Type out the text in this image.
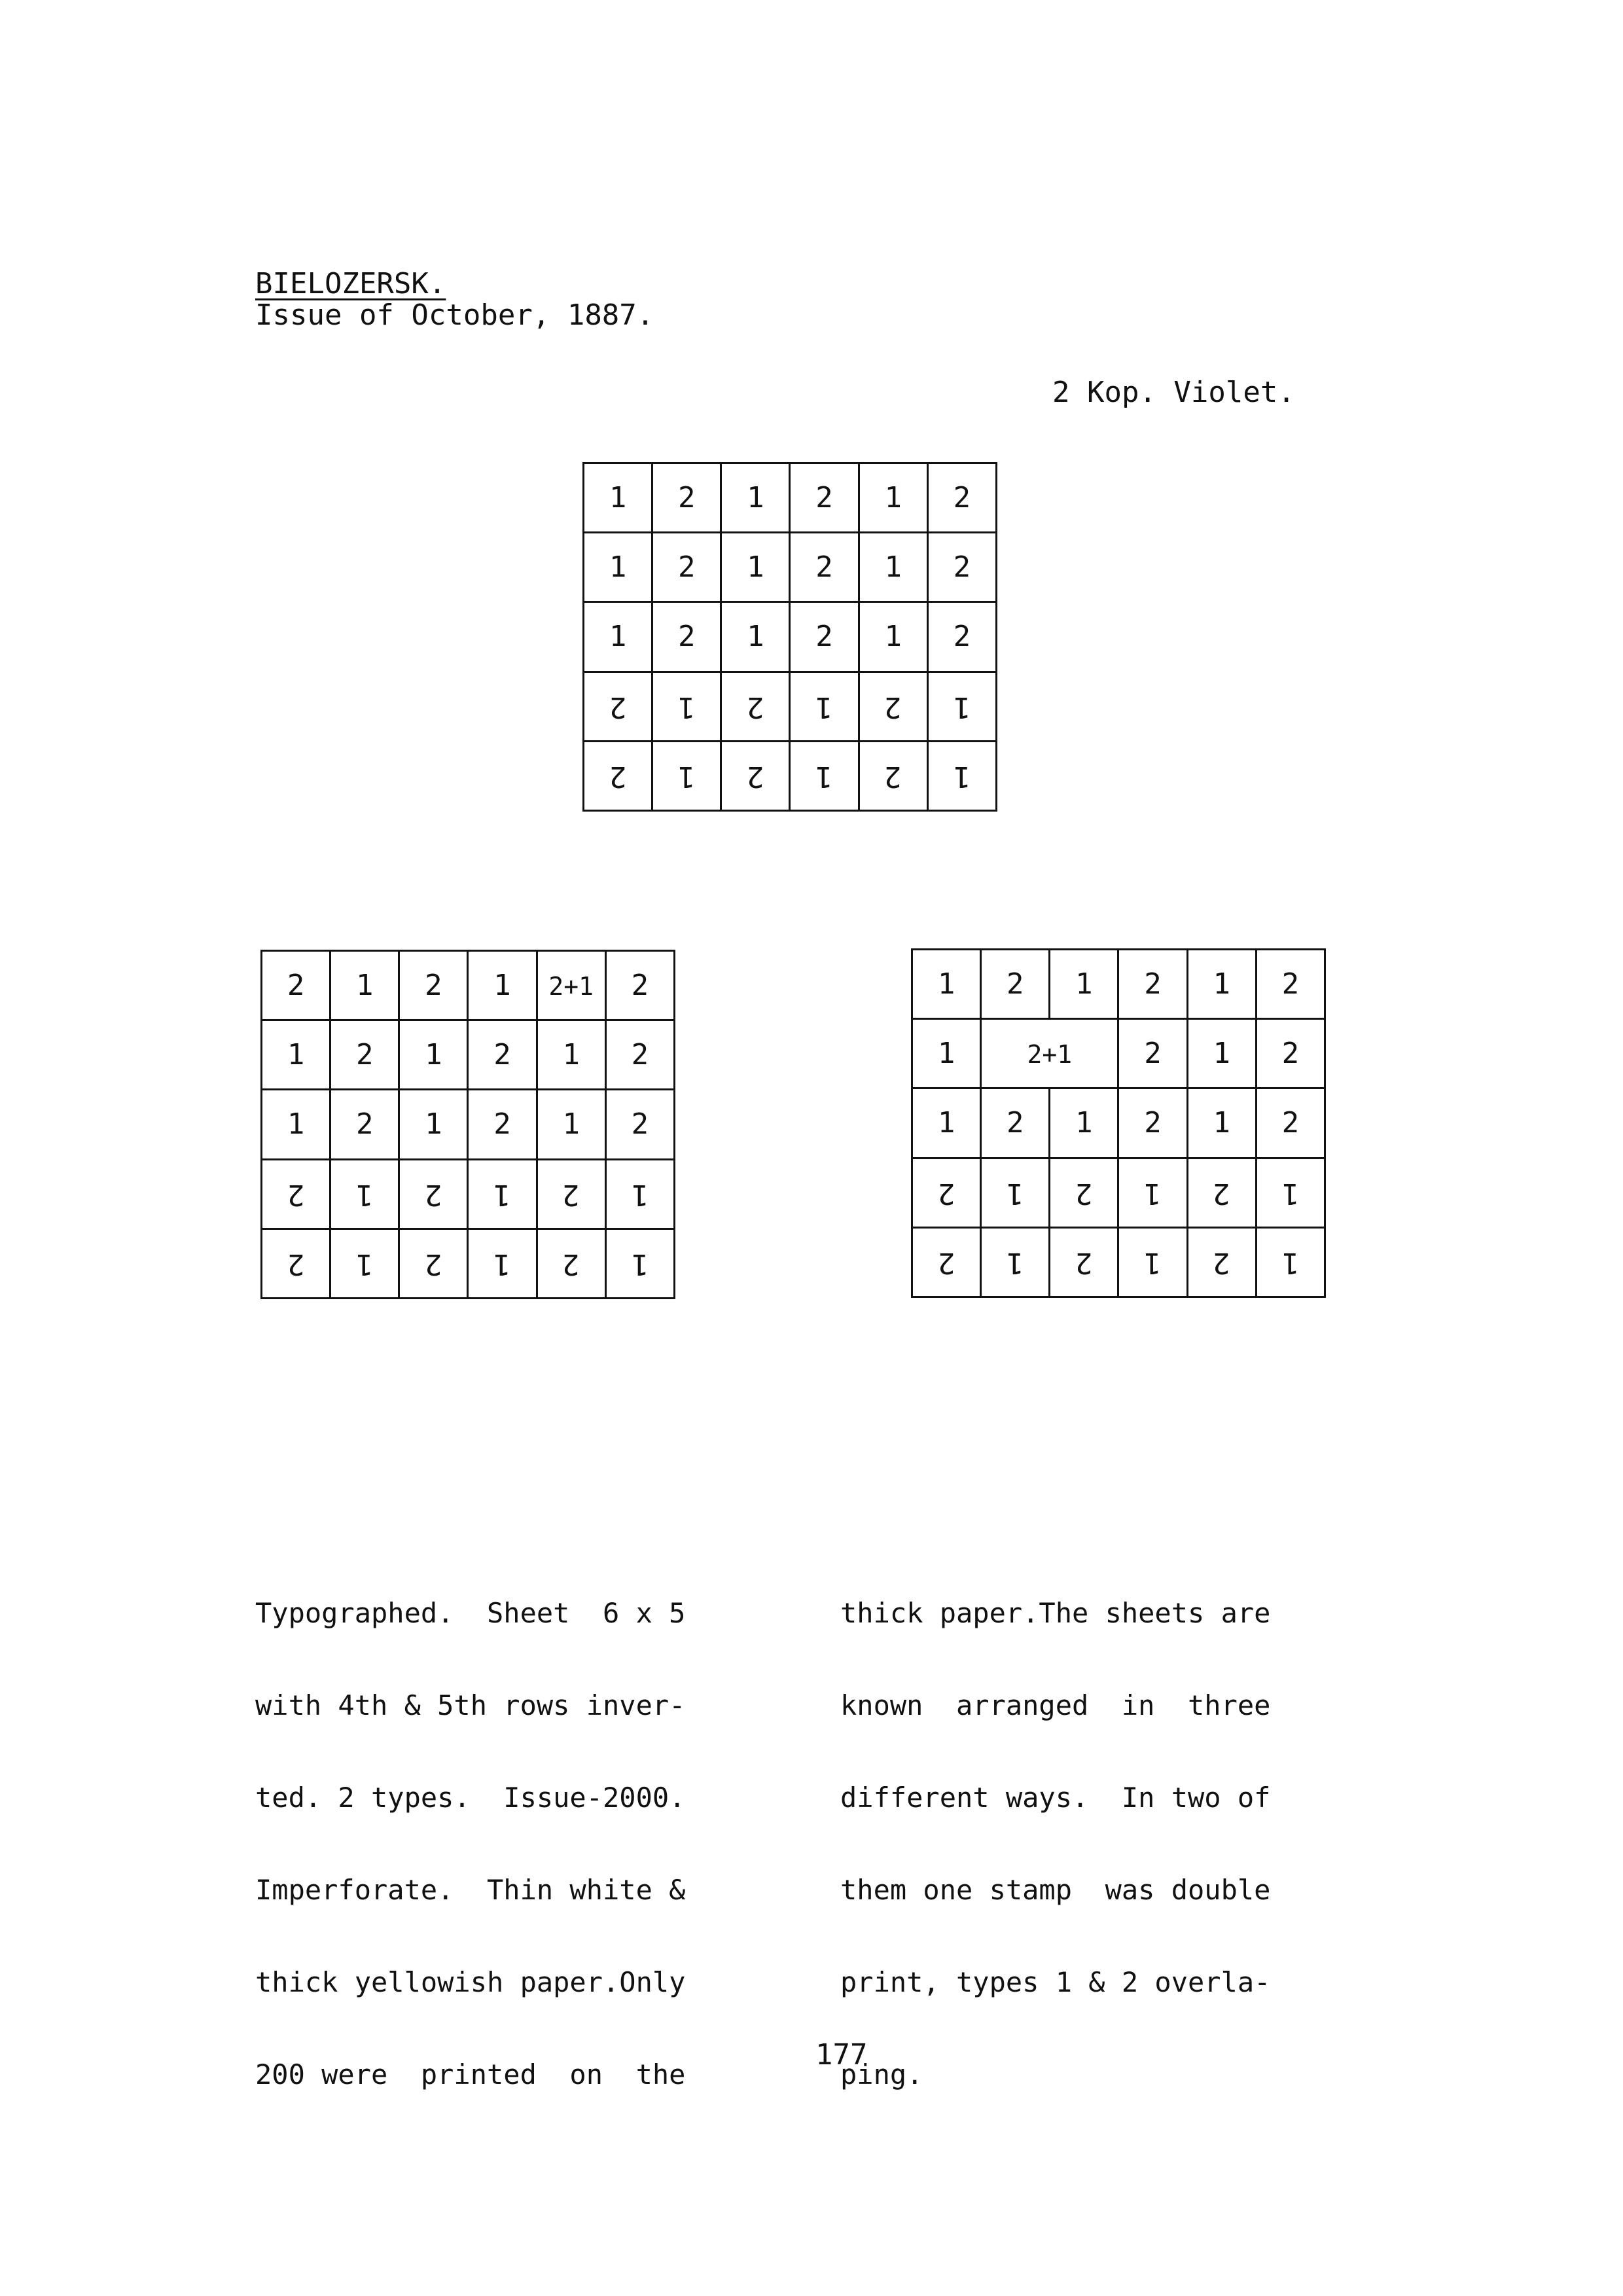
BIELOZERSK.
Issue of October, 1887.
2 Kop. Violet.
1	2	1	2	1	2
1	2	1	2	1	2
1	2	1	2	1	2
2	1	2	1	2	1
2	1	2	1	2	1
2	1	2	1	2+1	2
1	2	1	2	1	2
1	2	1	2	1	2
2	1	2	1	2	1
2	1	2	1	2	1
1	2	1	2	1	2
1	2+1		2	1	2
1	2	1	2	1	2
2	1	2	1	2	1
2	1	2	1	2	1

Typographed.  Sheet  6 x 5

with 4th & 5th rows inver-

ted. 2 types.  Issue-2000.

Imperforate.  Thin white &

thick yellowish paper.Only

200 were  printed  on  the

thick paper.The sheets are

known  arranged  in  three

different ways.  In two of

them one stamp  was double

print, types 1 & 2 overla-

ping.

177
